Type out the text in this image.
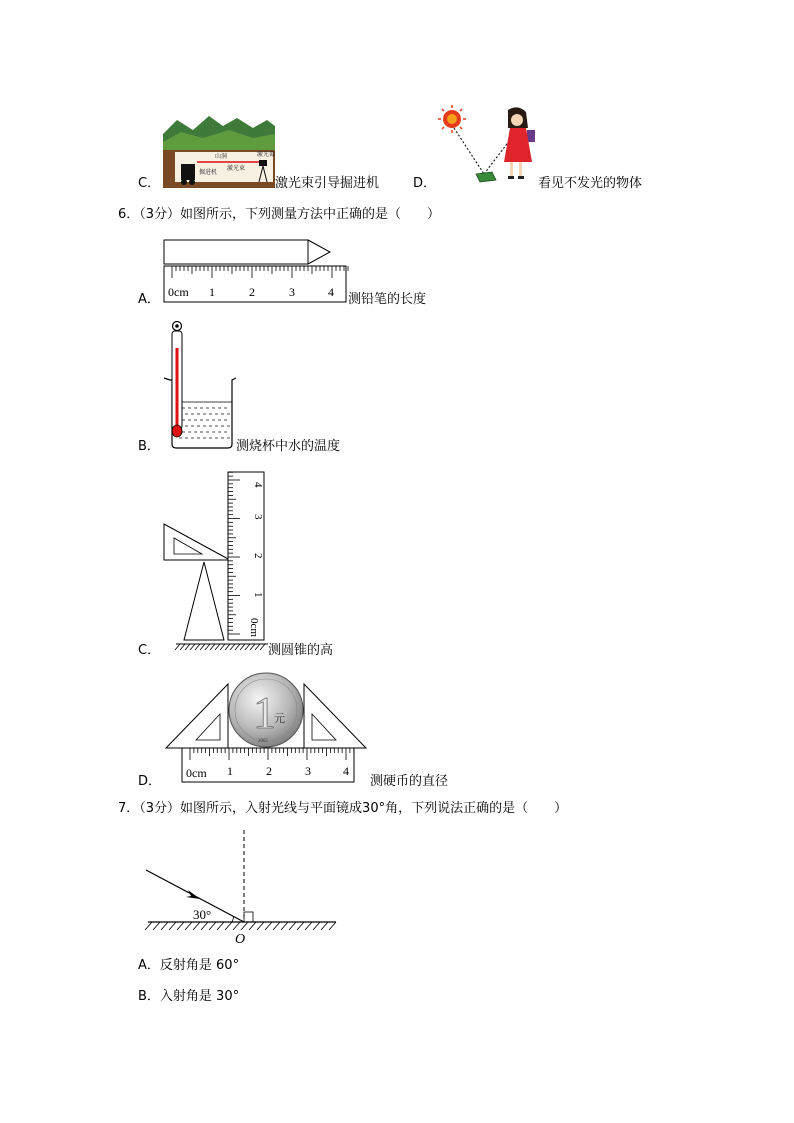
山洞
激光束
激光器
掘进机
C．	激光束引导掘进机	D．	看见不发光的物体
6．（3分）如图所示，下列测量方法中正确的是（　　）
0cm 1	2	3	4
A．	测铅笔的长度
B．	测烧杯中水的温度
4
3
2
1
0cm
C．	测圆锥的高
1
元
2005
0cm 1	2	3	4
D．	测硬币的直径
7．（3分）如图所示，入射光线与平面镜成30°角，下列说法正确的是（　　）
30°
O
A．反射角是 60°
B．入射角是 30°
